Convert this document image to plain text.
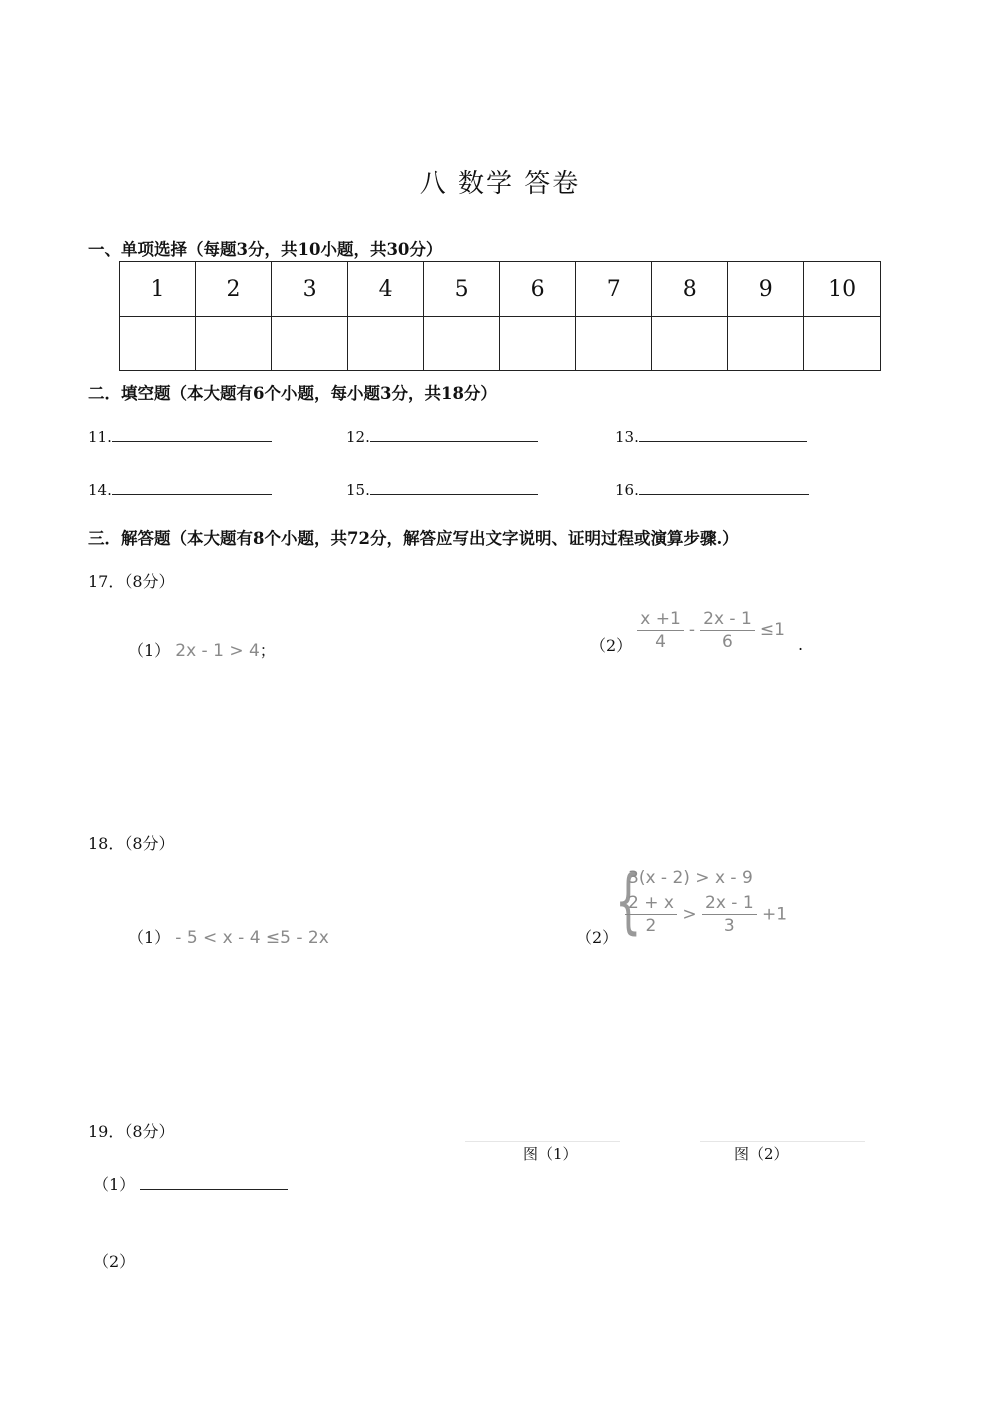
八 数学 答卷
一、单项选择（每题3分，共10小题，共30分）
1	2	3	4	5	6	7	8	9	10

二．填空题（本大题有6个小题，每小题3分，共18分）
11.	12.	13.
14.	15.	16.
三．解答题（本大题有8个小题，共72分，解答应写出文字说明、证明过程或演算步骤.）
17．（8分）
（1） 2x - 1 > 4；	$(2) \frac{x +1}{4} - \frac{2x - 1}{6} \le 1$ .
18．（8分）
（1） - 5 < x - 4 ≤5 - 2x	（2）
{
3(x - 2) > x - 9
$\frac{2 + x}{2} > \frac{2x - 1}{3} +1$
19．（8分）
图（1）	图（2）
（1）
（2）
